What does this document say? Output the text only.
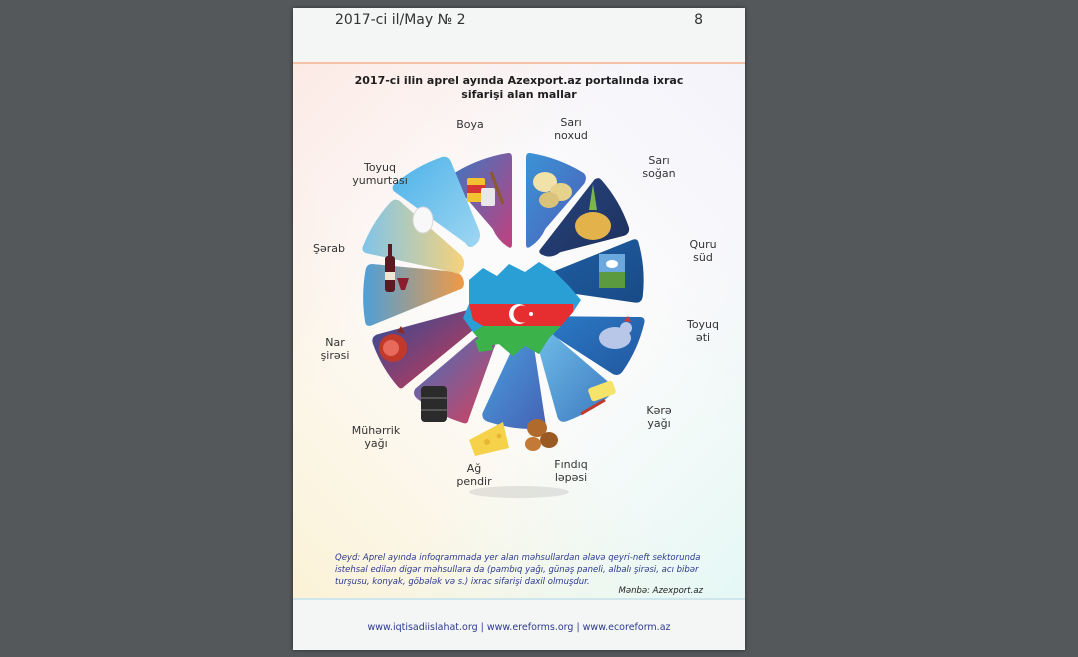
2017-ci il/May № 2	8
2017-ci ilin aprel ayında Azexport.az portalında ixrac
sifarişi alan mallar
Boya	Sarı noxud
Sarı soğan
Quru süd
Toyuq əti
Kərə yağı
Fındıq ləpəsi
Ağ pendir
Mühərrik yağı
Nar şirəsi
Şərab
Toyuq yumurtası
Qeyd: Aprel ayında infoqrammada yer alan məhsullardan əlavə qeyri-neft sektorunda istehsal edilən digər məhsullara da (pambıq yağı, günəş paneli, albalı şirəsi, acı bibər turşusu, konyak, göbələk və s.) ixrac sifarişi daxil olmuşdur.
Mənbə: Azexport.az
www.iqtisadiislahat.org | www.ereforms.org | www.ecoreform.az
